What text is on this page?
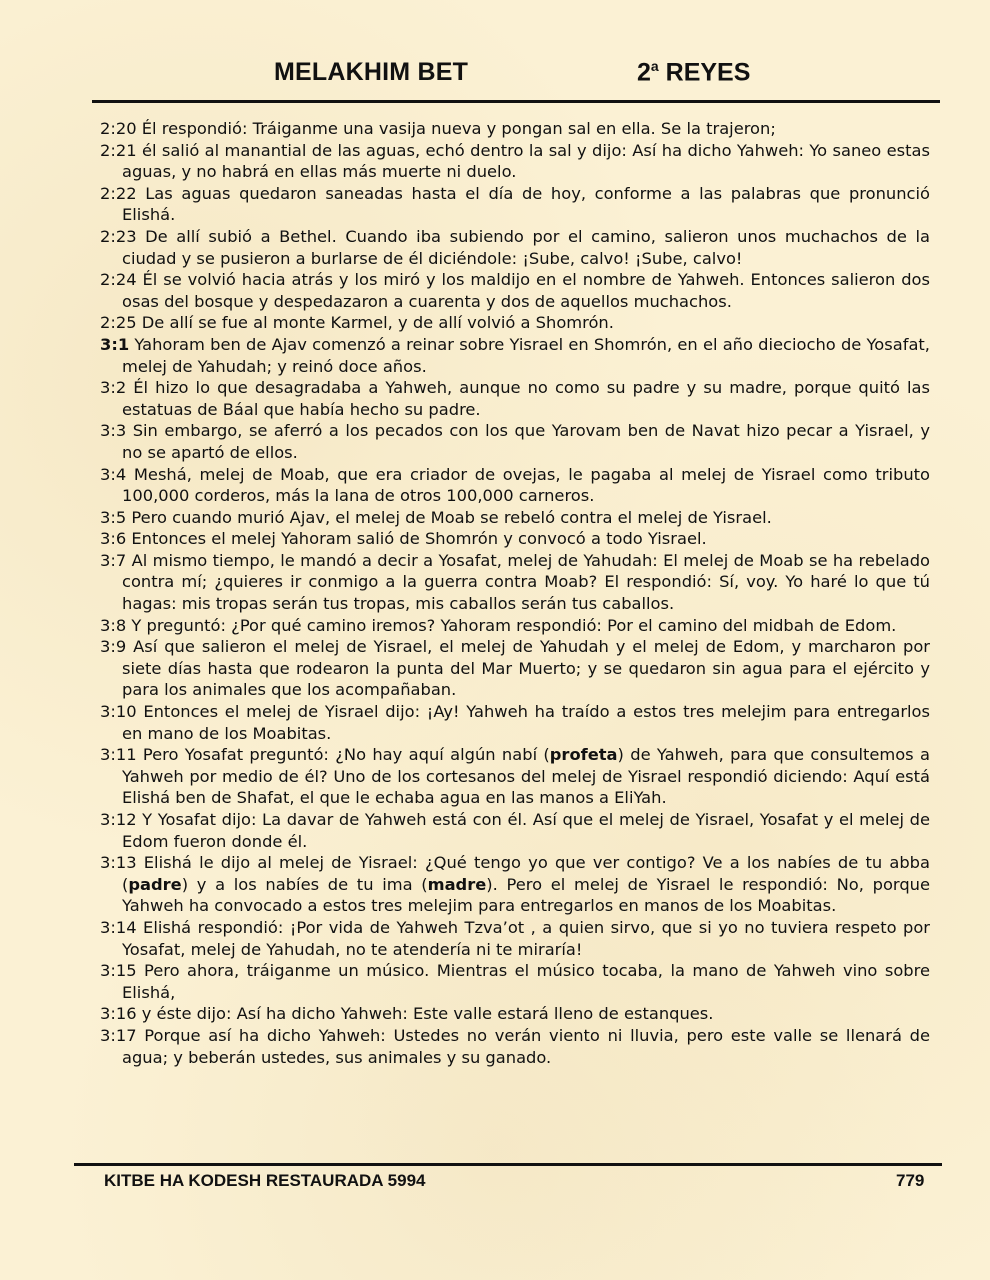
MELAKHIM BET	2$^a$ REYES

2:20 Él respondió: Tráiganme una vasija nueva y pongan sal en ella. Se la trajeron;

2:21 él salió al manantial de las aguas, echó dentro la sal y dijo: Así ha dicho Yahweh: Yo saneo estas aguas, y no habrá en ellas más muerte ni duelo.

2:22 Las aguas quedaron saneadas hasta el día de hoy, conforme a las palabras que pronunció Elishá.

2:23 De allí subió a Bethel. Cuando iba subiendo por el camino, salieron unos muchachos de la ciudad y se pusieron a burlarse de él diciéndole: ¡Sube, calvo! ¡Sube, calvo!

2:24 Él se volvió hacia atrás y los miró y los maldijo en el nombre de Yahweh. Entonces salieron dos osas del bosque y despedazaron a cuarenta y dos de aquellos muchachos.

2:25 De allí se fue al monte Karmel, y de allí volvió a Shomrón.

3:1 Yahoram ben de Ajav comenzó a reinar sobre Yisrael en Shomrón, en el año dieciocho de Yosafat, melej de Yahudah; y reinó doce años.

3:2 Él hizo lo que desagradaba a Yahweh, aunque no como su padre y su madre, porque quitó las estatuas de Báal que había hecho su padre.

3:3 Sin embargo, se aferró a los pecados con los que Yarovam ben de Navat hizo pecar a Yisrael, y no se apartó de ellos.

3:4 Meshá, melej de Moab, que era criador de ovejas, le pagaba al melej de Yisrael como tributo 100,000 corderos, más la lana de otros 100,000 carneros.

3:5 Pero cuando murió Ajav, el melej de Moab se rebeló contra el melej de Yisrael.

3:6 Entonces el melej Yahoram salió de Shomrón y convocó a todo Yisrael.

3:7 Al mismo tiempo, le mandó a decir a Yosafat, melej de Yahudah: El melej de Moab se ha rebelado contra mí; ¿quieres ir conmigo a la guerra contra Moab? El respondió: Sí, voy. Yo haré lo que tú hagas: mis tropas serán tus tropas, mis caballos serán tus caballos.

3:8 Y preguntó: ¿Por qué camino iremos? Yahoram respondió: Por el camino del midbah de Edom.

3:9 Así que salieron el melej de Yisrael, el melej de Yahudah y el melej de Edom, y marcharon por siete días hasta que rodearon la punta del Mar Muerto; y se quedaron sin agua para el ejército y para los animales que los acompañaban.

3:10 Entonces el melej de Yisrael dijo: ¡Ay! Yahweh ha traído a estos tres melejim para entregarlos en mano de los Moabitas.

3:11 Pero Yosafat preguntó: ¿No hay aquí algún nabí (profeta) de Yahweh, para que consultemos a Yahweh por medio de él? Uno de los cortesanos del melej de Yisrael respondió diciendo: Aquí está Elishá ben de Shafat, el que le echaba agua en las manos a EliYah.

3:12 Y Yosafat dijo: La davar de Yahweh está con él. Así que el melej de Yisrael, Yosafat y el melej de Edom fueron donde él.

3:13 Elishá le dijo al melej de Yisrael: ¿Qué tengo yo que ver contigo? Ve a los nabíes de tu abba (padre) y a los nabíes de tu ima (madre). Pero el melej de Yisrael le respondió: No, porque Yahweh ha convocado a estos tres melejim para entregarlos en manos de los Moabitas.

3:14 Elishá respondió: ¡Por vida de Yahweh Tzva’ot , a quien sirvo, que si yo no tuviera respeto por Yosafat, melej de Yahudah, no te atendería ni te miraría!

3:15 Pero ahora, tráiganme un músico. Mientras el músico tocaba, la mano de Yahweh vino sobre Elishá,

3:16 y éste dijo: Así ha dicho Yahweh: Este valle estará lleno de estanques.

3:17 Porque así ha dicho Yahweh: Ustedes no verán viento ni lluvia, pero este valle se llenará de agua; y beberán ustedes, sus animales y su ganado.

KITBE HA KODESH RESTAURADA 5994	779
